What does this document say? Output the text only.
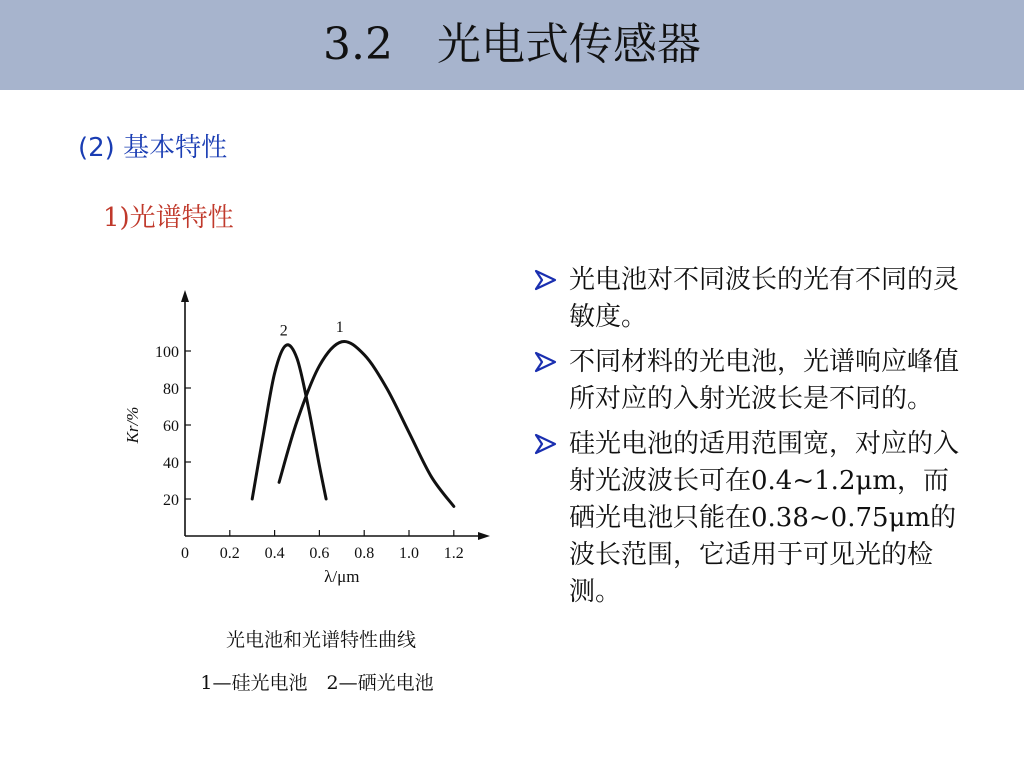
3.2　光电式传感器
(2) 基本特性
1)光谱特性
0 0.2 0.4 0.6 0.8 1.0 1.2
20
40
60
80
100
λ/μm
Kr/%
1
2
光电池和光谱特性曲线
1—硅光电池　2—硒光电池
光电池对不同波长的光有不同的灵敏度。
不同材料的光电池，光谱响应峰值所对应的入射光波长是不同的。
硅光电池的适用范围宽，对应的入射光波波长可在0.4~1.2μm，而硒光电池只能在0.38~0.75μm的波长范围，它适用于可见光的检测。
